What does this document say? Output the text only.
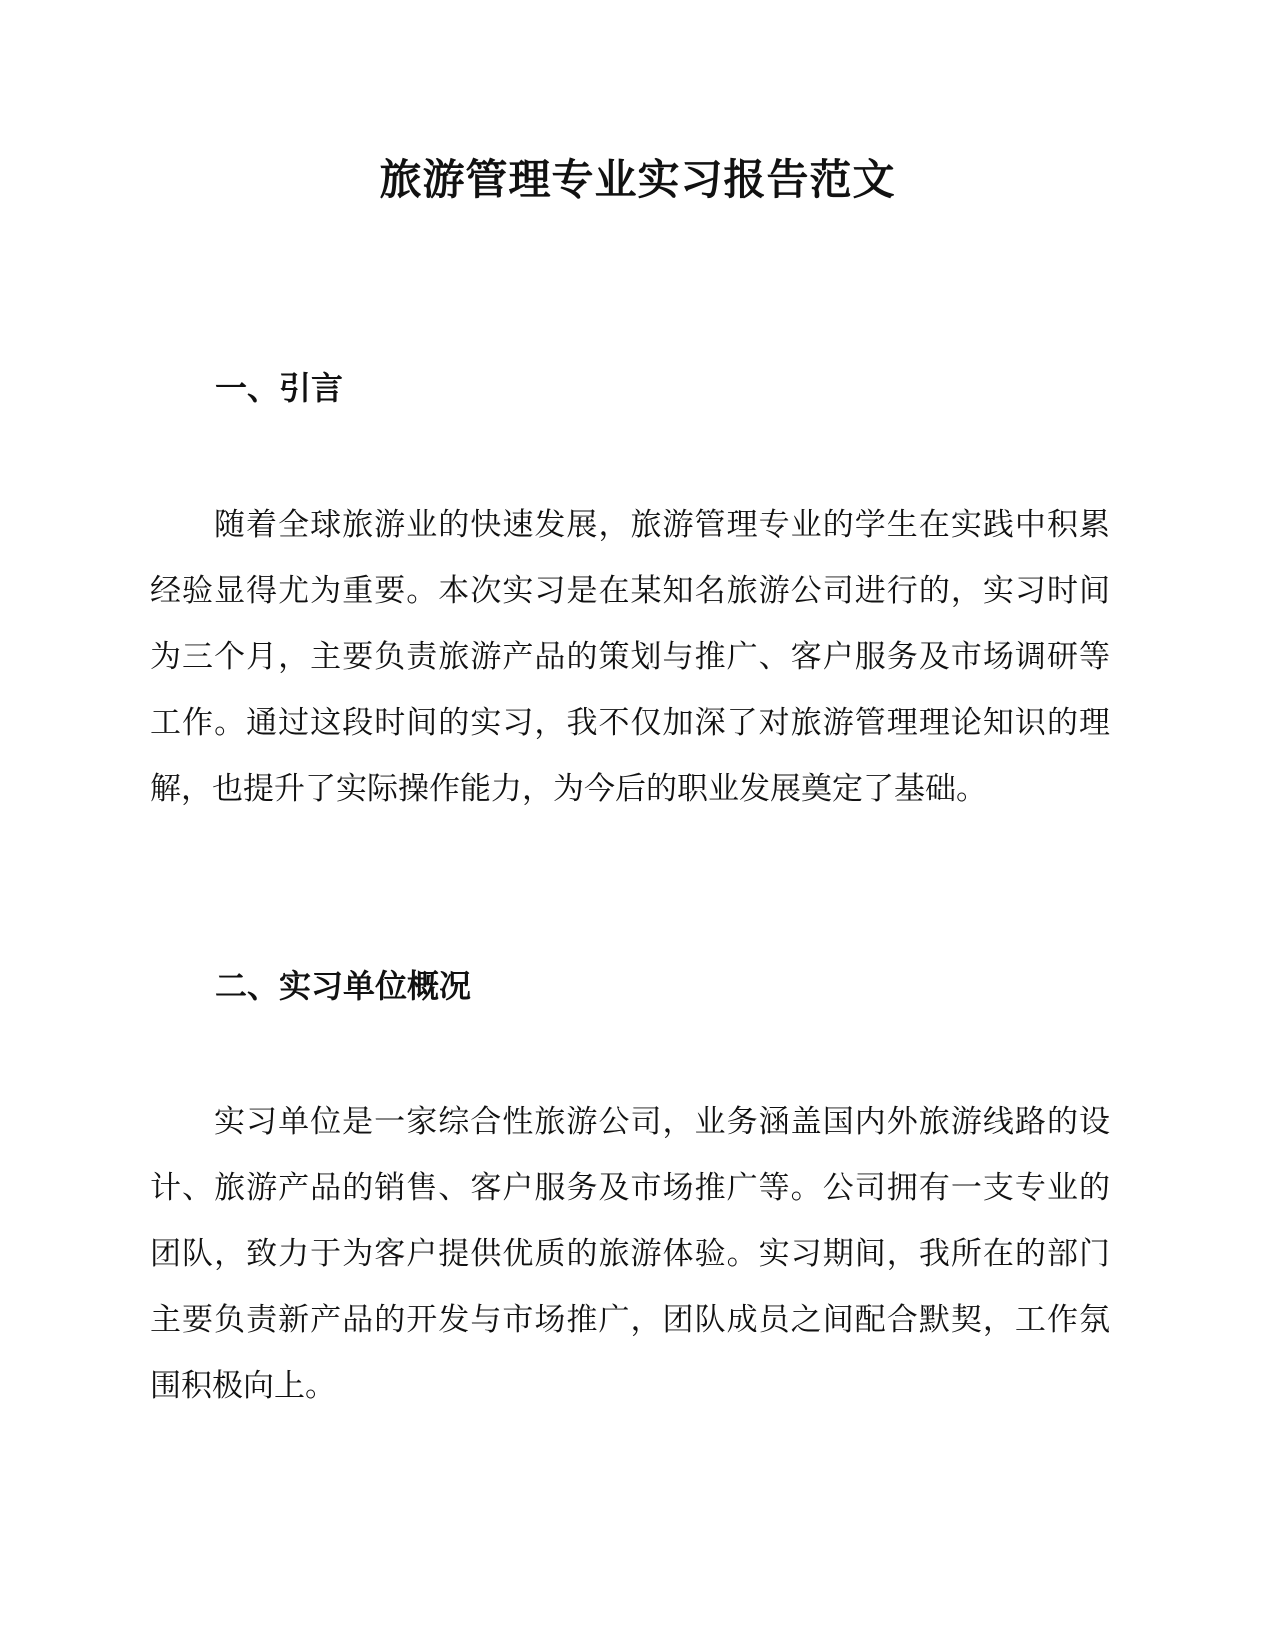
旅游管理专业实习报告范文
一、引言

随着全球旅游业的快速发展，旅游管理专业的学生在实践中积累经验显得尤为重要。本次实习是在某知名旅游公司进行的，实习时间为三个月，主要负责旅游产品的策划与推广、客户服务及市场调研等工作。通过这段时间的实习，我不仅加深了对旅游管理理论知识的理解，也提升了实际操作能力，为今后的职业发展奠定了基础。

二、实习单位概况

实习单位是一家综合性旅游公司，业务涵盖国内外旅游线路的设计、旅游产品的销售、客户服务及市场推广等。公司拥有一支专业的团队，致力于为客户提供优质的旅游体验。实习期间，我所在的部门主要负责新产品的开发与市场推广，团队成员之间配合默契，工作氛围积极向上。
